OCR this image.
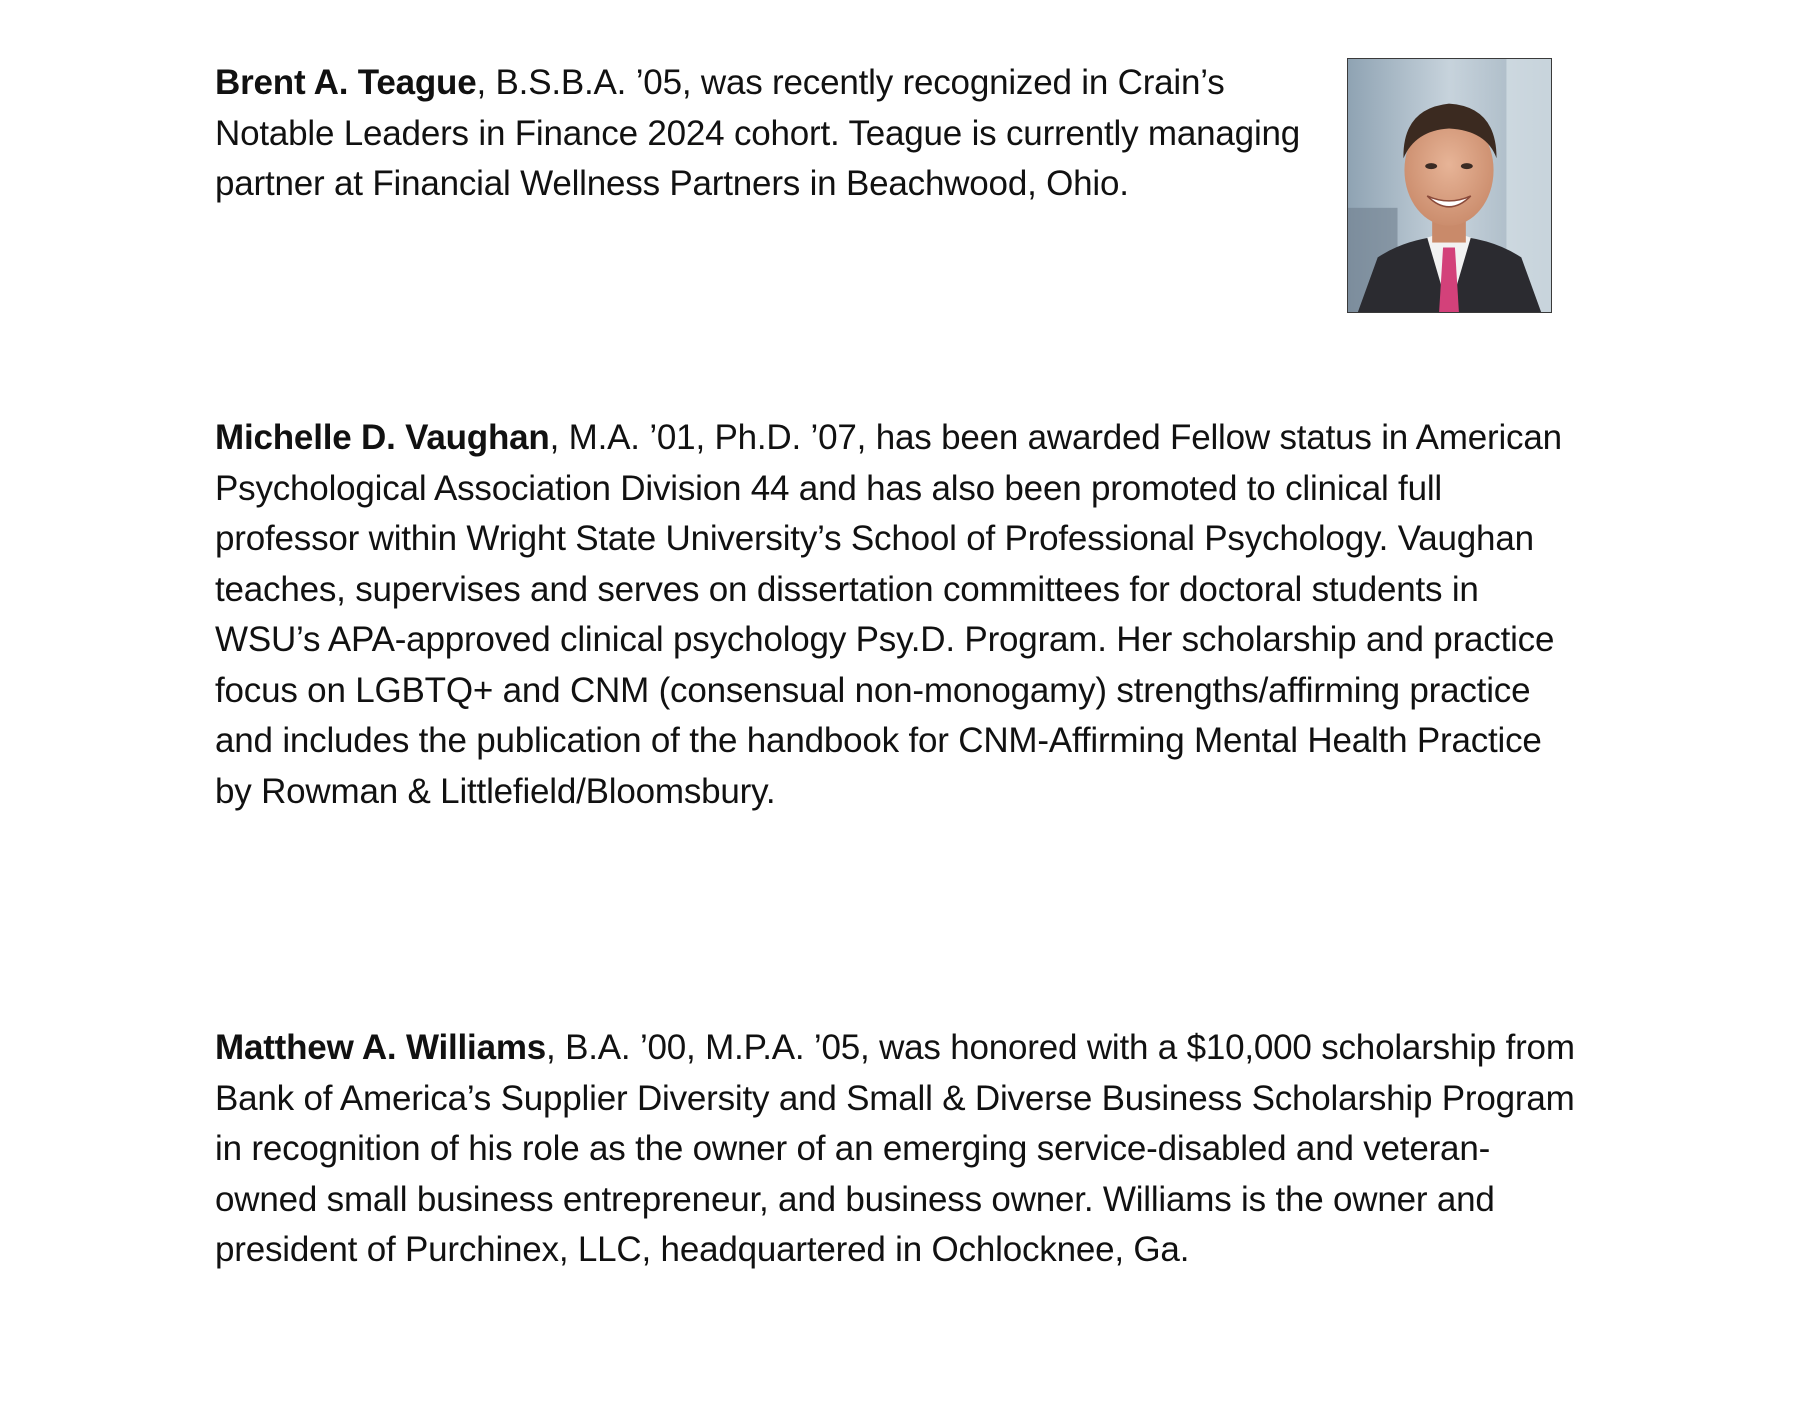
Brent A. Teague, B.S.B.A. ’05, was recently recognized in Crain’s Notable Leaders in Finance 2024 cohort. Teague is currently managing partner at Financial Wellness Partners in Beachwood, Ohio.

Michelle D. Vaughan, M.A. ’01, Ph.D. ’07, has been awarded Fellow status in American Psychological Association Division 44 and has also been promoted to clinical full professor within Wright State University’s School of Professional Psychology. Vaughan teaches, supervises and serves on dissertation committees for doctoral students in WSU’s APA-approved clinical psychology Psy.D. Program. Her scholarship and practice focus on LGBTQ+ and CNM (consensual non-monogamy) strengths/affirming practice and includes the publication of the handbook for CNM-Affirming Mental Health Practice by Rowman & Littlefield/Bloomsbury.

Matthew A. Williams, B.A. ’00, M.P.A. ’05, was honored with a $10,000 scholarship from Bank of America’s Supplier Diversity and Small & Diverse Business Scholarship Program in recognition of his role as the owner of an emerging service-disabled and veteran-owned small business entrepreneur, and business owner. Williams is the owner and president of Purchinex, LLC, headquartered in Ochlocknee, Ga.
